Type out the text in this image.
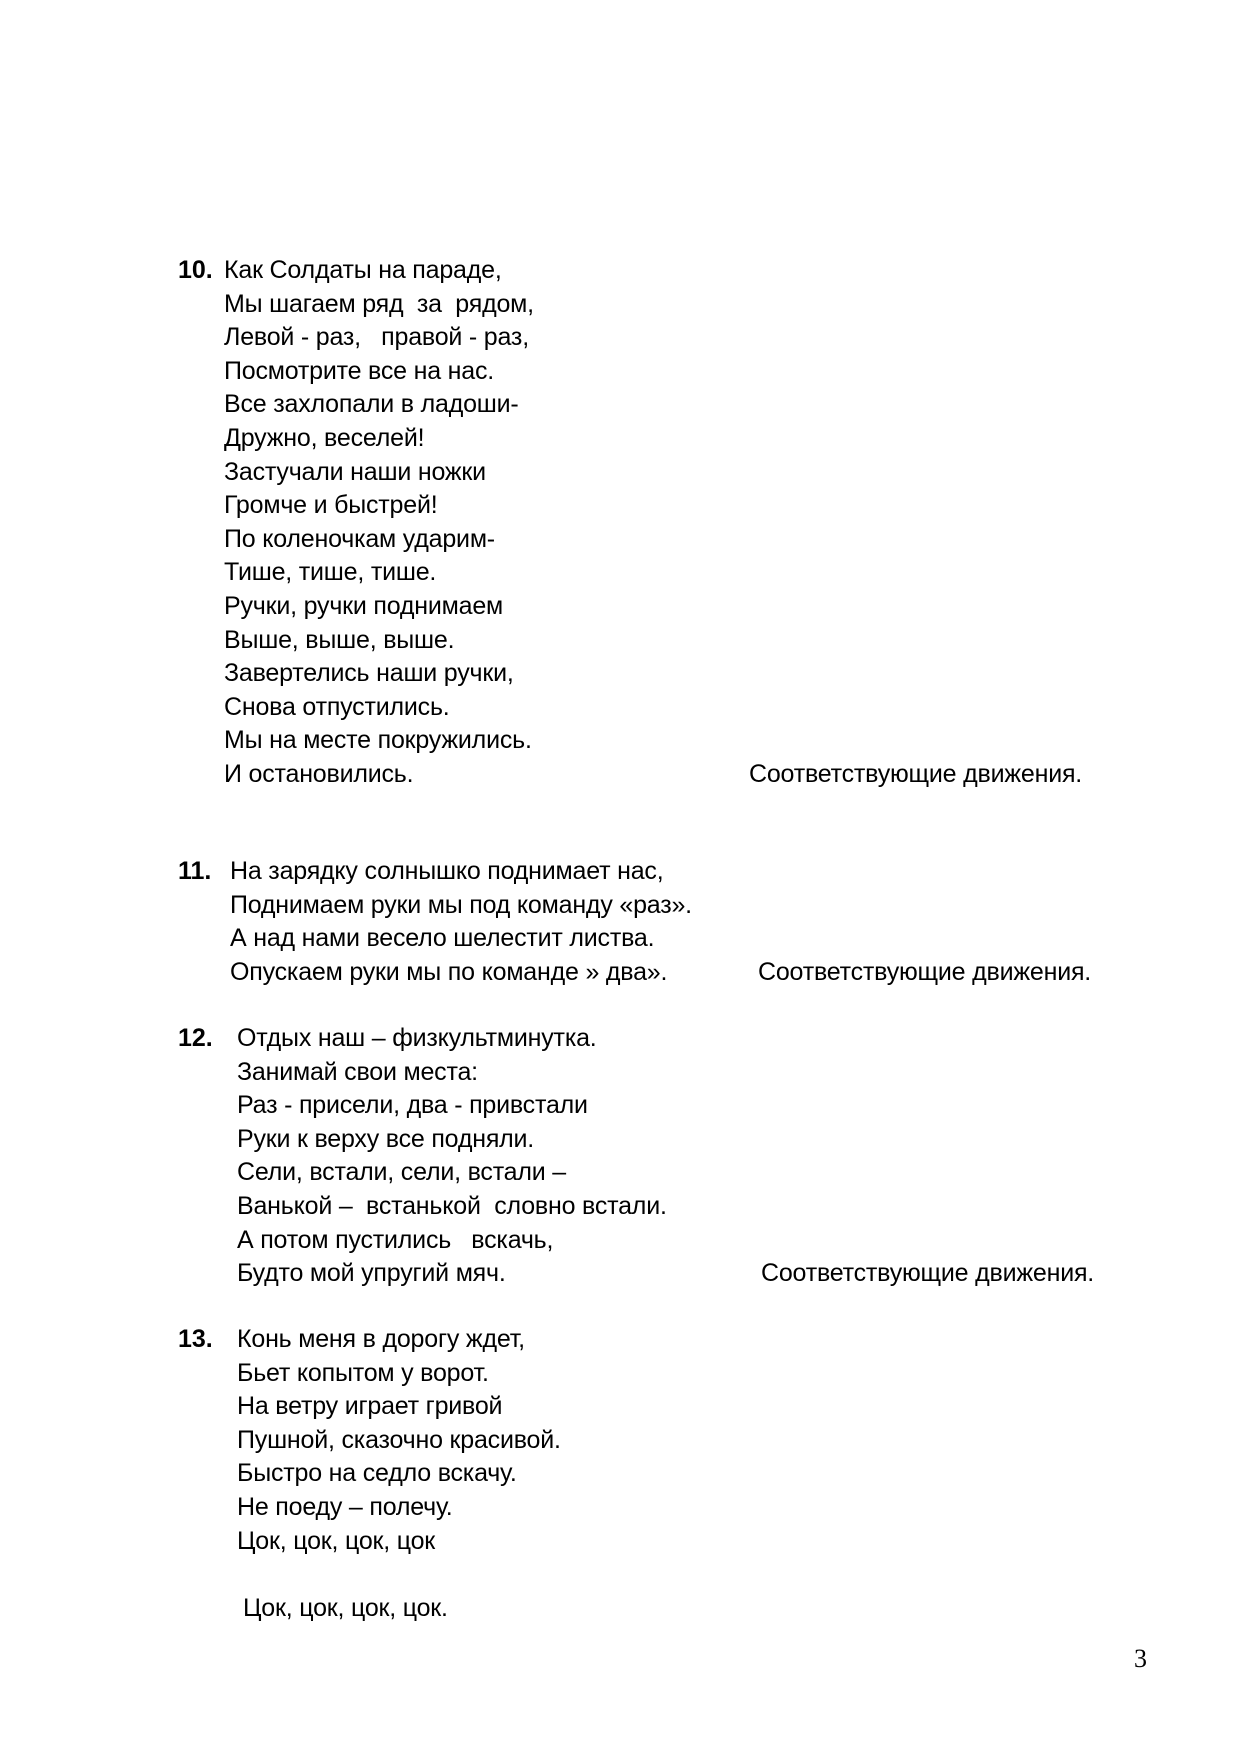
10. Как Солдаты на параде,
Мы шагаем ряд  за  рядом,
Левой - раз,   правой - раз,
Посмотрите все на нас.
Все захлопали в ладоши-
Дружно, веселей!
Застучали наши ножки
Громче и быстрей!
По коленочкам ударим-
Тише, тише, тише.
Ручки, ручки поднимаем
Выше, выше, выше.
Завертелись наши ручки,
Снова отпустились.
Мы на месте покружились.
И остановились.	Соответствующие движения.
11. На зарядку солнышко поднимает нас,
Поднимаем руки мы под команду «раз».
А над нами весело шелестит листва.
Опускаем руки мы по команде » два».	Соответствующие движения.
12. Отдых наш – физкультминутка.
Занимай свои места:
Раз - присели, два - привстали
Руки к верху все подняли.
Сели, встали, сели, встали –
Ванькой –  встанькой  словно встали.
А потом пустились   вскачь,
Будто мой упругий мяч.	Соответствующие движения.
13. Конь меня в дорогу ждет,
Бьет копытом у ворот.
На ветру играет гривой
Пушной, сказочно красивой.
Быстро на седло вскачу.
Не поеду – полечу.
Цок, цок, цок, цок
Цок, цок, цок, цок.
3
